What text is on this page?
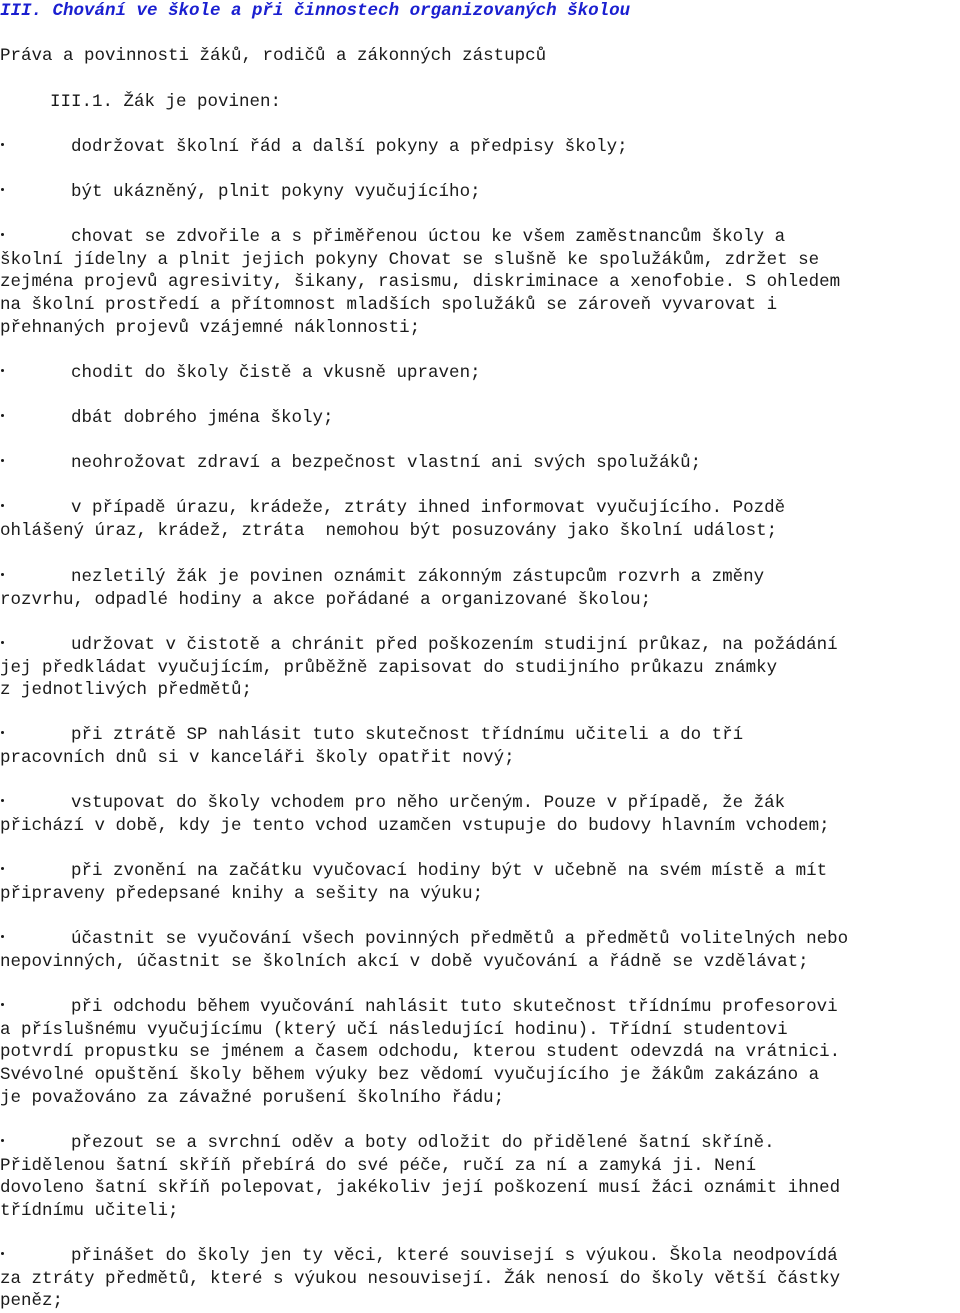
III. Chování ve škole a při činnostech organizovaných školou
Práva a povinnosti žáků, rodičů a zákonných zástupců

III.1. Žák je povinen:

dodržovat školní řád a další pokyny a předpisy školy;
být ukázněný, plnit pokyny vyučujícího;
chovat se zdvořile a s přiměřenou úctou ke všem zaměstnancům školy a
školní jídelny a plnit jejich pokyny Chovat se slušně ke spolužákům, zdržet se
zejména projevů agresivity, šikany, rasismu, diskriminace a xenofobie. S ohledem
na školní prostředí a přítomnost mladších spolužáků se zároveň vyvarovat i
přehnaných projevů vzájemné náklonnosti;
chodit do školy čistě a vkusně upraven;
dbát dobrého jména školy;
neohrožovat zdraví a bezpečnost vlastní ani svých spolužáků;
v případě úrazu, krádeže, ztráty ihned informovat vyučujícího. Pozdě
ohlášený úraz, krádež, ztráta  nemohou být posuzovány jako školní událost;
nezletilý žák je povinen oznámit zákonným zástupcům rozvrh a změny
rozvrhu, odpadlé hodiny a akce pořádané a organizované školou;
udržovat v čistotě a chránit před poškozením studijní průkaz, na požádání
jej předkládat vyučujícím, průběžně zapisovat do studijního průkazu známky
z jednotlivých předmětů;
při ztrátě SP nahlásit tuto skutečnost třídnímu učiteli a do tří
pracovních dnů si v kanceláři školy opatřit nový;
vstupovat do školy vchodem pro něho určeným. Pouze v případě, že žák
přichází v době, kdy je tento vchod uzamčen vstupuje do budovy hlavním vchodem;
při zvonění na začátku vyučovací hodiny být v učebně na svém místě a mít
připraveny předepsané knihy a sešity na výuku;
účastnit se vyučování všech povinných předmětů a předmětů volitelných nebo
nepovinných, účastnit se školních akcí v době vyučování a řádně se vzdělávat;
při odchodu během vyučování nahlásit tuto skutečnost třídnímu profesorovi
a příslušnému vyučujícímu (který učí následující hodinu). Třídní studentovi
potvrdí propustku se jménem a časem odchodu, kterou student odevzdá na vrátnici.
Svévolné opuštění školy během výuky bez vědomí vyučujícího je žákům zakázáno a
je považováno za závažné porušení školního řádu;
přezout se a svrchní oděv a boty odložit do přidělené šatní skříně.
Přidělenou šatní skříň přebírá do své péče, ručí za ní a zamyká ji. Není
dovoleno šatní skříň polepovat, jakékoliv její poškození musí žáci oznámit ihned
třídnímu učiteli;
přinášet do školy jen ty věci, které souvisejí s výukou. Škola neodpovídá
za ztráty předmětů, které s výukou nesouvisejí. Žák nenosí do školy větší částky
peněz;
